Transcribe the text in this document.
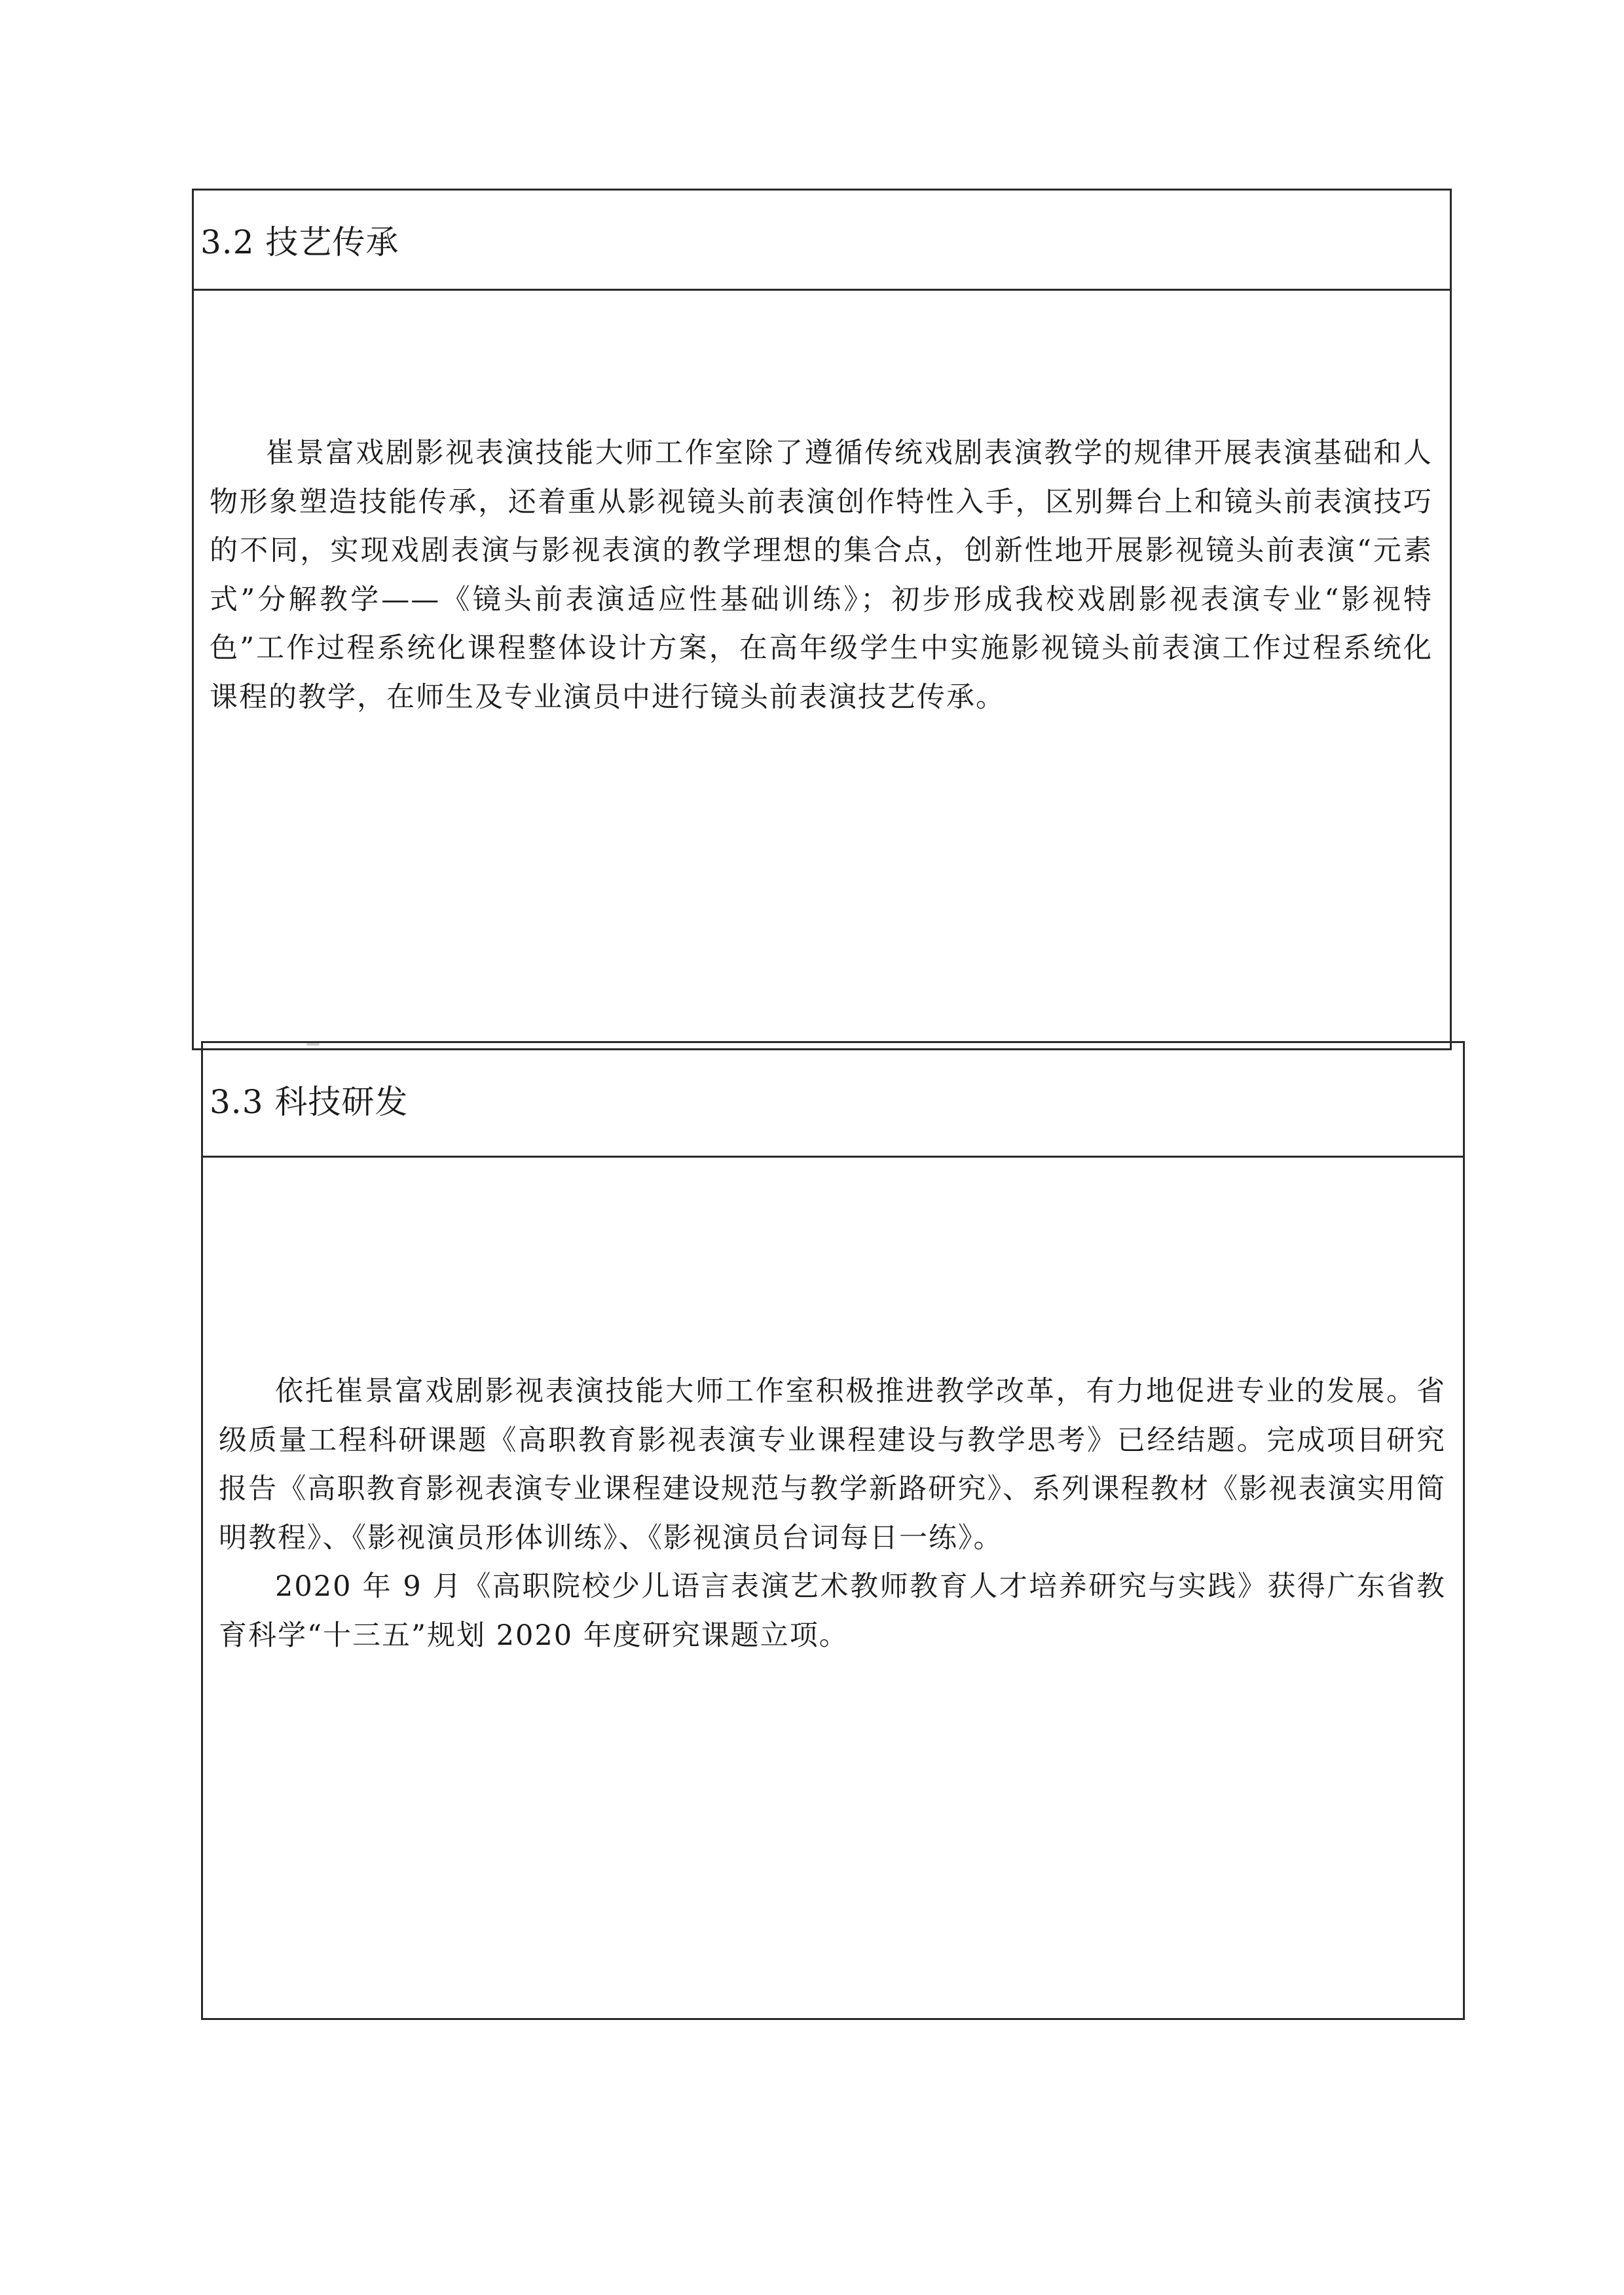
3.2 技艺传承

崔景富戏剧影视表演技能大师工作室除了遵循传统戏剧表演教学的规律开展表演基础和人物形象塑造技能传承，还着重从影视镜头前表演创作特性入手，区别舞台上和镜头前表演技巧的不同，实现戏剧表演与影视表演的教学理想的集合点，创新性地开展影视镜头前表演“元素式”分解教学——《镜头前表演适应性基础训练》；初步形成我校戏剧影视表演专业“影视特色”工作过程系统化课程整体设计方案，在高年级学生中实施影视镜头前表演工作过程系统化课程的教学，在师生及专业演员中进行镜头前表演技艺传承。

3.3 科技研发

依托崔景富戏剧影视表演技能大师工作室积极推进教学改革，有力地促进专业的发展。省级质量工程科研课题《高职教育影视表演专业课程建设与教学思考》已经结题。完成项目研究报告《高职教育影视表演专业课程建设规范与教学新路研究》、系列课程教材《影视表演实用简明教程》、《影视演员形体训练》、《影视演员台词每日一练》。

2020 年 9 月《高职院校少儿语言表演艺术教师教育人才培养研究与实践》获得广东省教育科学“十三五”规划 2020 年度研究课题立项。
